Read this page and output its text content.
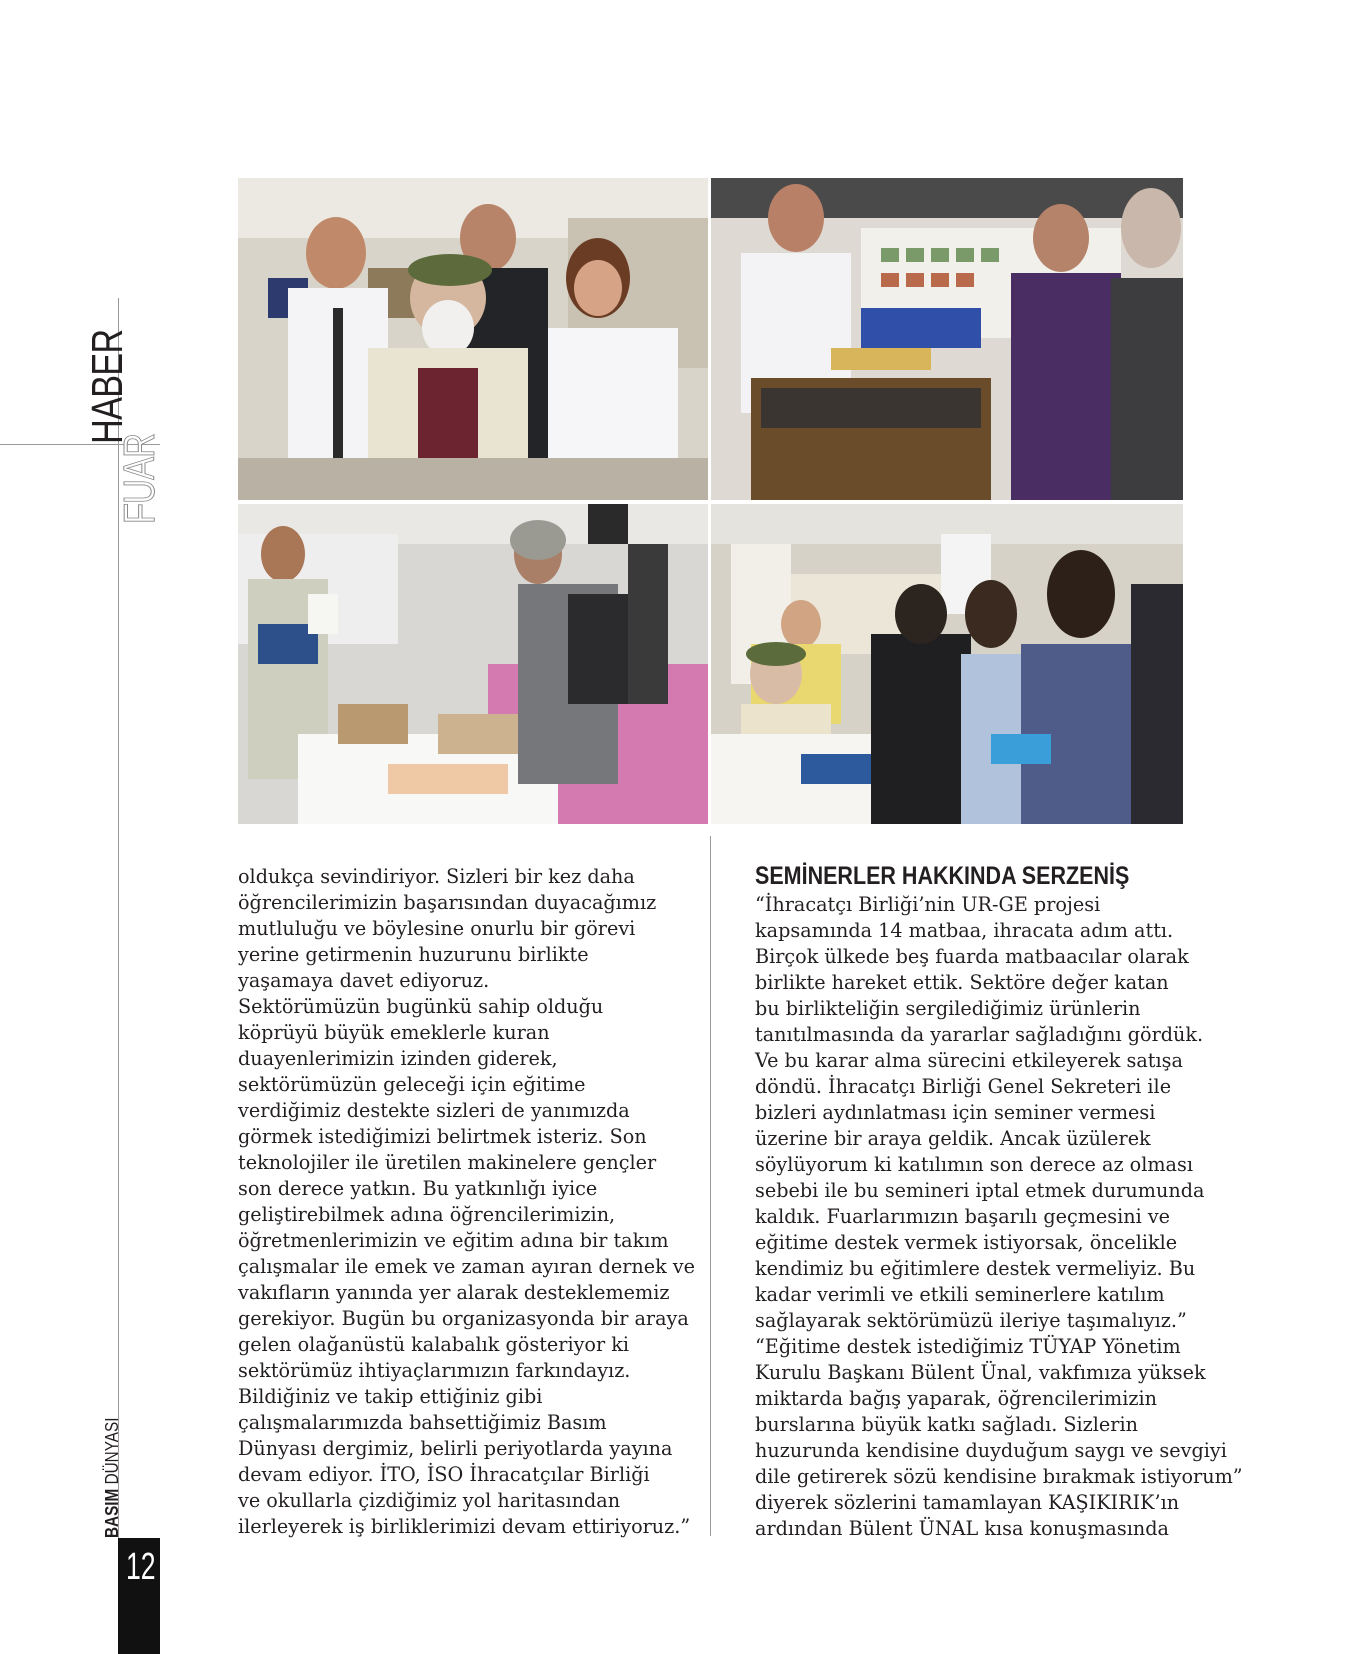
HABER
FUAR
BASIM DÜNYASI
12
oldukça sevindiriyor. Sizleri bir kez daha
öğrencilerimizin başarısından duyacağımız
mutluluğu ve böylesine onurlu bir görevi
yerine getirmenin huzurunu birlikte
yaşamaya davet ediyoruz.
Sektörümüzün bugünkü sahip olduğu
köprüyü büyük emeklerle kuran
duayenlerimizin izinden giderek,
sektörümüzün geleceği için eğitime
verdiğimiz destekte sizleri de yanımızda
görmek istediğimizi belirtmek isteriz. Son
teknolojiler ile üretilen makinelere gençler
son derece yatkın. Bu yatkınlığı iyice
geliştirebilmek adına öğrencilerimizin,
öğretmenlerimizin ve eğitim adına bir takım
çalışmalar ile emek ve zaman ayıran dernek ve
vakıfların yanında yer alarak desteklememiz
gerekiyor. Bugün bu organizasyonda bir araya
gelen olağanüstü kalabalık gösteriyor ki
sektörümüz ihtiyaçlarımızın farkındayız.
Bildiğiniz ve takip ettiğiniz gibi
çalışmalarımızda bahsettiğimiz Basım
Dünyası dergimiz, belirli periyotlarda yayına
devam ediyor. İTO, İSO İhracatçılar Birliği
ve okullarla çizdiğimiz yol haritasından
ilerleyerek iş birliklerimizi devam ettiriyoruz.”
SEMİNERLER HAKKINDA SERZENİŞ
“İhracatçı Birliği’nin UR-GE projesi
kapsamında 14 matbaa, ihracata adım attı.
Birçok ülkede beş fuarda matbaacılar olarak
birlikte hareket ettik. Sektöre değer katan
bu birlikteliğin sergilediğimiz ürünlerin
tanıtılmasında da yararlar sağladığını gördük.
Ve bu karar alma sürecini etkileyerek satışa
döndü. İhracatçı Birliği Genel Sekreteri ile
bizleri aydınlatması için seminer vermesi
üzerine bir araya geldik. Ancak üzülerek
söylüyorum ki katılımın son derece az olması
sebebi ile bu semineri iptal etmek durumunda
kaldık. Fuarlarımızın başarılı geçmesini ve
eğitime destek vermek istiyorsak, öncelikle
kendimiz bu eğitimlere destek vermeliyiz. Bu
kadar verimli ve etkili seminerlere katılım
sağlayarak sektörümüzü ileriye taşımalıyız.”
“Eğitime destek istediğimiz TÜYAP Yönetim
Kurulu Başkanı Bülent Ünal, vakfımıza yüksek
miktarda bağış yaparak, öğrencilerimizin
burslarına büyük katkı sağladı. Sizlerin
huzurunda kendisine duyduğum saygı ve sevgiyi
dile getirerek sözü kendisine bırakmak istiyorum”
diyerek sözlerini tamamlayan KAŞIKIRIK’ın
ardından Bülent ÜNAL kısa konuşmasında
